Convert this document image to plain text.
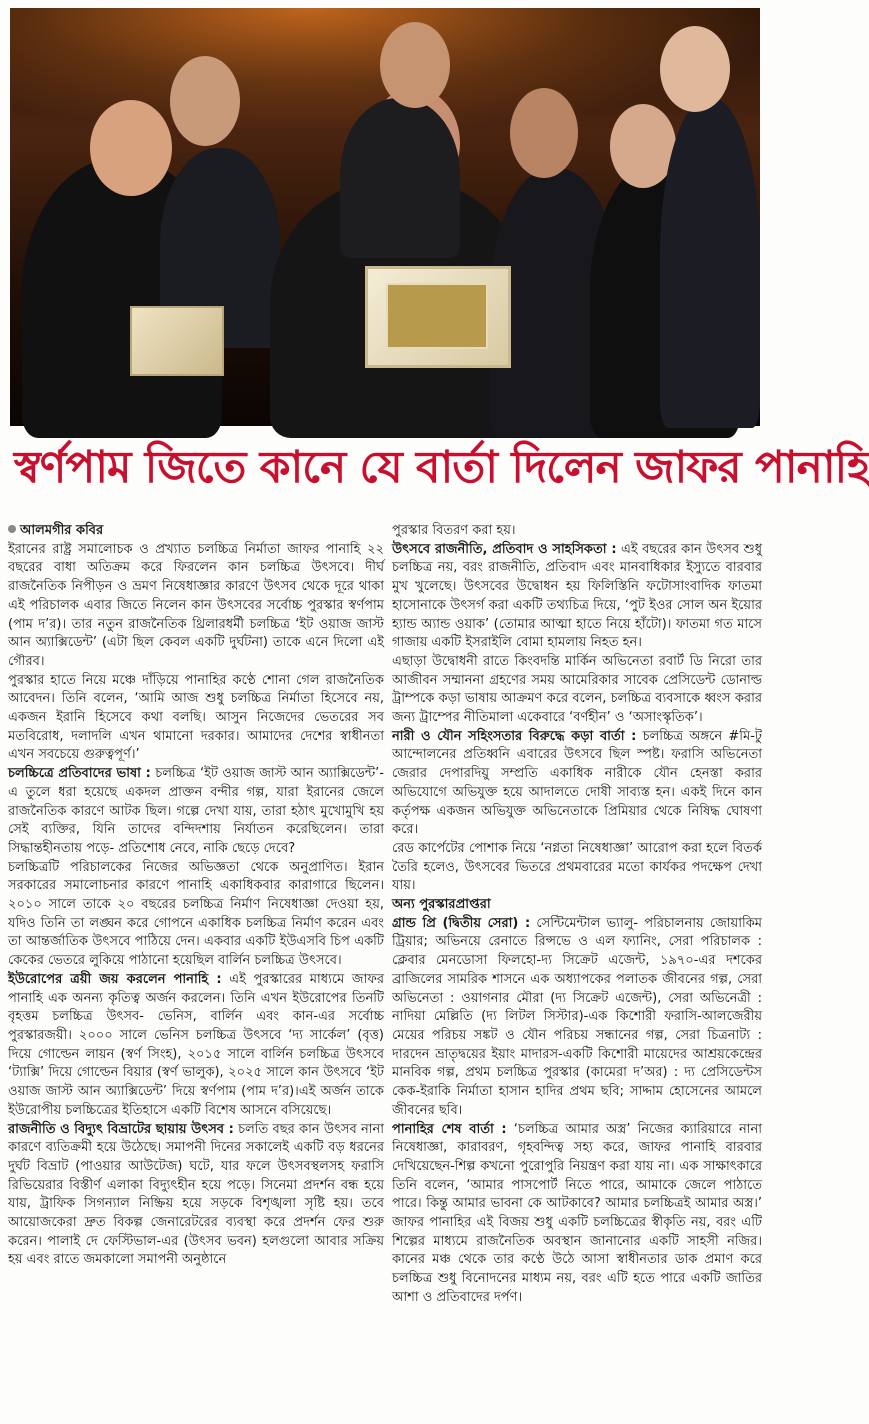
স্বর্ণপাম জিতে কানে যে বার্তা দিলেন জাফর পানাহি

আলমগীর কবির

ইরানের রাষ্ট্র সমালোচক ও প্রখ্যাত চলচ্চিত্র নির্মাতা জাফর পানাহি ২২ বছরের বাধা অতিক্রম করে ফিরলেন কান চলচ্চিত্র উৎসবে। দীর্ঘ রাজনৈতিক নিপীড়ন ও ভ্রমণ নিষেধাজ্ঞার কারণে উৎসব থেকে দূরে থাকা এই পরিচালক এবার জিতে নিলেন কান উৎসবের সর্বোচ্চ পুরস্কার স্বর্ণপাম (পাম দ’র)। তার নতুন রাজনৈতিক থ্রিলারধর্মী চলচ্চিত্র ‘ইট ওয়াজ জাস্ট আন অ্যাক্সিডেন্ট’ (এটা ছিল কেবল একটি দুর্ঘটনা) তাকে এনে দিলো এই গৌরব।

পুরস্কার হাতে নিয়ে মঞ্চে দাঁড়িয়ে পানাহির কণ্ঠে শোনা গেল রাজনৈতিক আবেদন। তিনি বলেন, ‘আমি আজ শুধু চলচ্চিত্র নির্মাতা হিসেবে নয়, একজন ইরানি হিসেবে কথা বলছি। আসুন নিজেদের ভেতরের সব মতবিরোধ, দলাদলি এখন থামানো দরকার। আমাদের দেশের স্বাধীনতা এখন সবচেয়ে গুরুত্বপূর্ণ।’

চলচ্চিত্রে প্রতিবাদের ভাষা : চলচ্চিত্র ‘ইট ওয়াজ জাস্ট আন অ্যাক্সিডেন্ট’-এ তুলে ধরা হয়েছে একদল প্রাক্তন বন্দীর গল্প, যারা ইরানের জেলে রাজনৈতিক কারণে আটক ছিল। গল্পে দেখা যায়, তারা হঠাৎ মুখোমুখি হয় সেই ব্যক্তির, যিনি তাদের বন্দিদশায় নির্যাতন করেছিলেন। তারা সিদ্ধান্তহীনতায় পড়ে- প্রতিশোধ নেবে, নাকি ছেড়ে দেবে?

চলচ্চিত্রটি পরিচালকের নিজের অভিজ্ঞতা থেকে অনুপ্রাণিত। ইরান সরকারের সমালোচনার কারণে পানাহি একাধিকবার কারাগারে ছিলেন। ২০১০ সালে তাকে ২০ বছরের চলচ্চিত্র নির্মাণ নিষেধাজ্ঞা দেওয়া হয়, যদিও তিনি তা লঙ্ঘন করে গোপনে একাধিক চলচ্চিত্র নির্মাণ করেন এবং তা আন্তর্জাতিক উৎসবে পাঠিয়ে দেন। একবার একটি ইউএসবি চিপ একটি কেকের ভেতরে লুকিয়ে পাঠানো হয়েছিল বার্লিন চলচ্চিত্র উৎসবে।

ইউরোপের ত্রয়ী জয় করলেন পানাহি : এই পুরস্কারের মাধ্যমে জাফর পানাহি এক অনন্য কৃতিত্ব অর্জন করলেন। তিনি এখন ইউরোপের তিনটি বৃহত্তম চলচ্চিত্র উৎসব- ভেনিস, বার্লিন এবং কান-এর সর্বোচ্চ পুরস্কারজয়ী। ২০০০ সালে ভেনিস চলচ্চিত্র উৎসবে ‘দ্য সার্কেল’ (বৃত্ত) দিয়ে গোল্ডেন লায়ন (স্বর্ণ সিংহ), ২০১৫ সালে বার্লিন চলচ্চিত্র উৎসবে ‘ট্যাক্সি’ দিয়ে গোল্ডেন বিয়ার (স্বর্ণ ভালুক), ২০২৫ সালে কান উৎসবে ‘ইট ওয়াজ জাস্ট আন অ্যাক্সিডেন্ট’ দিয়ে স্বর্ণপাম (পাম দ’র)।এই অর্জন তাকে ইউরোপীয় চলচ্চিত্রের ইতিহাসে একটি বিশেষ আসনে বসিয়েছে।

রাজনীতি ও বিদ্যুৎ বিভ্রাটের ছায়ায় উৎসব : চলতি বছর কান উৎসব নানা কারণে ব্যতিক্রমী হয়ে উঠেছে। সমাপনী দিনের সকালেই একটি বড় ধরনের দুর্ঘট বিভ্রাট (পাওয়ার আউটেজ) ঘটে, যার ফলে উৎসবস্থলসহ ফরাসি রিভিয়েরার বিস্তীর্ণ এলাকা বিদ্যুৎহীন হয়ে পড়ে। সিনেমা প্রদর্শন বন্ধ হয়ে যায়, ট্রাফিক সিগন্যাল নিষ্ক্রিয় হয়ে সড়কে বিশৃঙ্খলা সৃষ্টি হয়। তবে আয়োজকেরা দ্রুত বিকল্প জেনারেটরের ব্যবস্থা করে প্রদর্শন ফের শুরু করেন। পালাই দে ফেস্টিভাল-এর (উৎসব ভবন) হলগুলো আবার সক্রিয় হয় এবং রাতে জমকালো সমাপনী অনুষ্ঠানে

পুরস্কার বিতরণ করা হয়।

উৎসবে রাজনীতি, প্রতিবাদ ও সাহসিকতা : এই বছরের কান উৎসব শুধু চলচ্চিত্র নয়, বরং রাজনীতি, প্রতিবাদ এবং মানবাধিকার ইস্যুতে বারবার মুখ খুলেছে। উৎসবের উদ্বোধন হয় ফিলিস্তিনি ফটোসাংবাদিক ফাতমা হাসোনাকে উৎসর্গ করা একটি তথ্যচিত্র দিয়ে, ‘পুট ইওর সোল অন ইয়োর হ্যান্ড অ্যান্ড ওয়াক’ (তোমার আত্মা হাতে নিয়ে হাঁটো)। ফাতমা গত মাসে গাজায় একটি ইসরাইলি বোমা হামলায় নিহত হন।

এছাড়া উদ্বোধনী রাতে কিংবদন্তি মার্কিন অভিনেতা রবার্ট ডি নিরো তার আজীবন সম্মাননা গ্রহণের সময় আমেরিকার সাবেক প্রেসিডেন্ট ডোনাল্ড ট্রাম্পকে কড়া ভাষায় আক্রমণ করে বলেন, চলচ্চিত্র ব্যবসাকে ধ্বংস করার জন্য ট্রাম্পের নীতিমালা একেবারে ‘বর্ণহীন’ ও ‘অসাংস্কৃতিক’।

নারী ও যৌন সহিংসতার বিরুদ্ধে কড়া বার্তা : চলচ্চিত্র অঙ্গনে #মি-টু আন্দোলনের প্রতিধ্বনি এবারের উৎসবে ছিল স্পষ্ট। ফরাসি অভিনেতা জেরার দেপারদিয়ু সম্প্রতি একাধিক নারীকে যৌন হেনস্তা করার অভিযোগে অভিযুক্ত হয়ে আদালতে দোষী সাব্যস্ত হন। একই দিনে কান কর্তৃপক্ষ একজন অভিযুক্ত অভিনেতাকে প্রিমিয়ার থেকে নিষিদ্ধ ঘোষণা করে।

রেড কার্পেটের পোশাক নিয়ে ‘নগ্নতা নিষেধাজ্ঞা’ আরোপ করা হলে বিতর্ক তৈরি হলেও, উৎসবের ভিতরে প্রথমবারের মতো কার্যকর পদক্ষেপ দেখা যায়।

অন্য পুরস্কারপ্রাপ্তরা

গ্রান্ড প্রি (দ্বিতীয় সেরা) : সেন্টিমেন্টাল ভ্যালু- পরিচালনায় জোয়াকিম ট্রিয়ার; অভিনয়ে রেনাতে রিন্সভে ও এল ফ্যানিং, সেরা পরিচালক : ক্লেবার মেনডোসা ফিলহো-দ্য সিক্রেট এজেন্ট, ১৯৭০-এর দশকের ব্রাজিলের সামরিক শাসনে এক অধ্যাপকের পলাতক জীবনের গল্প, সেরা অভিনেতা : ওয়াগনার মৌরা (দ্য সিক্রেট এজেন্ট), সেরা অভিনেত্রী : নাদিয়া মেল্লিতি (দ্য লিটল সিস্টার)-এক কিশোরী ফরাসি-আলজেরীয় মেয়ের পরিচয় সঙ্কট ও যৌন পরিচয় সন্ধানের গল্প, সেরা চিত্রনাট্য : দারদেন ভ্রাতৃদ্বয়ের ইয়াং মাদারস-একটি কিশোরী মায়েদের আশ্রয়কেন্দ্রের মানবিক গল্প, প্রথম চলচ্চিত্র পুরস্কার (কামেরা দ’অর) : দ্য প্রেসিডেন্টস কেক-ইরাকি নির্মাতা হাসান হাদির প্রথম ছবি; সাদ্দাম হোসেনের আমলে জীবনের ছবি।

পানাহির শেষ বার্তা : ‘চলচ্চিত্র আমার অস্ত্র’ নিজের ক্যারিয়ারে নানা নিষেধাজ্ঞা, কারাবরণ, গৃহবন্দিত্ব সহ্য করে, জাফর পানাহি বারবার দেখিয়েছেন-শিল্প কখনো পুরোপুরি নিয়ন্ত্রণ করা যায় না। এক সাক্ষাৎকারে তিনি বলেন, ‘আমার পাসপোর্ট নিতে পারে, আমাকে জেলে পাঠাতে পারে। কিন্তু আমার ভাবনা কে আটকাবে? আমার চলচ্চিত্রই আমার অস্ত্র।’ জাফর পানাহির এই বিজয় শুধু একটি চলচ্চিত্রের স্বীকৃতি নয়, বরং এটি শিল্পের মাধ্যমে রাজনৈতিক অবস্থান জানানোর একটি সাহসী নজির। কানের মঞ্চ থেকে তার কণ্ঠে উঠে আসা স্বাধীনতার ডাক প্রমাণ করে চলচ্চিত্র শুধু বিনোদনের মাধ্যম নয়, বরং এটি হতে পারে একটি জাতির আশা ও প্রতিবাদের দর্পণ।
